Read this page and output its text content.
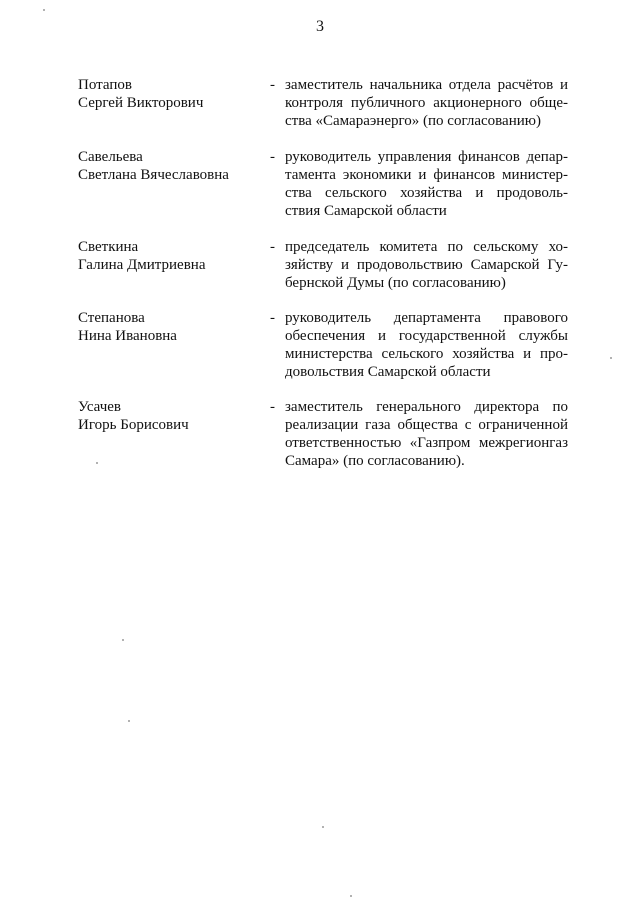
3
Потапов
Сергей Викторович
- заместитель начальника отдела расчётов и
контроля публичного акционерного обще-
ства «Самараэнерго» (по согласованию)
Савельева
Светлана Вячеславовна
- руководитель управления финансов депар-
тамента экономики и финансов министер-
ства сельского хозяйства и продоволь-
ствия Самарской области
Светкина
Галина Дмитриевна
- председатель комитета по сельскому хо-
зяйству и продовольствию Самарской Гу-
бернской Думы (по согласованию)
Степанова
Нина Ивановна
- руководитель департамента правового
обеспечения и государственной службы
министерства сельского хозяйства и про-
довольствия Самарской области
Усачев
Игорь Борисович
- заместитель генерального директора по
реализации газа общества с ограниченной
ответственностью «Газпром межрегионгаз
Самара» (по согласованию).
